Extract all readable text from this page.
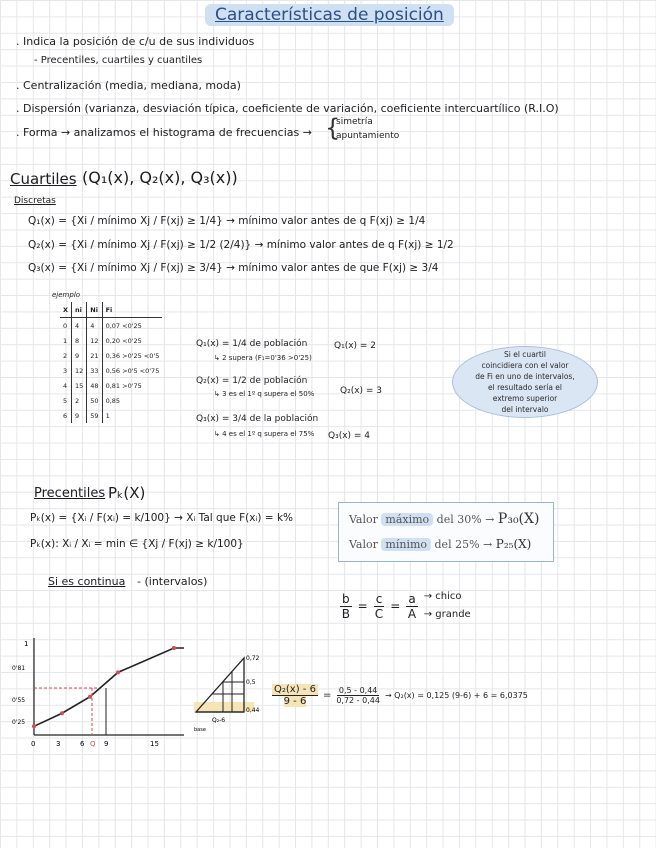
Características de posición
. Indica la posición de c/u de sus individuos
- Precentiles, cuartiles y cuantiles
. Centralización (media, mediana, moda)
. Dispersión (varianza, desviación típica, coeficiente de variación, coeficiente intercuartílico (R.I.O)
. Forma → analizamos el histograma de frecuencias → {
simetría
apuntamiento
Cuartiles (Q₁(x), Q₂(x), Q₃(x))
Discretas
Q₁(x) = {Xi / mínimo Xj / F(xj) ≥ 1/4} → mínimo valor antes de q F(xj) ≥ 1/4
Q₂(x) = {Xi / mínimo Xj / F(xj) ≥ 1/2 (2/4)} → mínimo valor antes de q F(xj) ≥ 1/2
Q₃(x) = {Xi / mínimo Xj / F(xj) ≥ 3/4} → mínimo valor antes de que F(xj) ≥ 3/4
ejemplo
X	ni	Ni	Fi
0	4	4	0,07 <0'25
1	8	12	0,20 <0'25
2	9	21	0,36 >0'25 <0'5
3	12	33	0,56 >0'5 <0'75
4	15	48	0,81 >0'75
5	2	50	0,85
6	9	59	1
Q₁(x) = 1/4 de población
↳ 2 supera (F₁=0'36 >0'25)
Q₁(x) = 2
Q₂(x) = 1/2 de población
↳ 3 es el 1º q supera el 50%	Q₂(x) = 3
Q₃(x) = 3/4 de la población
↳ 4 es el 1º q supera el 75% Q₃(x) = 4
Si el cuartil
coincidiera con el valor
de Fi en uno de intervalos,
el resultado sería el
extremo superior
del intervalo
Precentiles Pₖ(X)
Pₖ(x) = {Xᵢ / F(xᵢ) = k/100} → Xᵢ Tal que F(xᵢ) = k%
Pₖ(x): Xᵢ / Xᵢ = min ∈ {Xj / F(xj) ≥ k/100}
Valor máximo del 30% → P₃₀(X)
Valor mínimo del 25% → P₂₅(X)
Si es continua - (intervalos)
$\frac{b}{B} = \frac{c}{C} = \frac{a}{A}$ → chico
→ grande
1
0'81
0'55
0'25
0	3	6 Q 9	15
0,72
0,5
0,44
Q₂-6
base
$\frac{\text{Q₂(x) - 6}}{9 - 6} = \frac{0,5 - 0,44}{0,72 - 0,44} \to Q_2(x) = 0,125$ (9-6) + 6 = 6,0375
